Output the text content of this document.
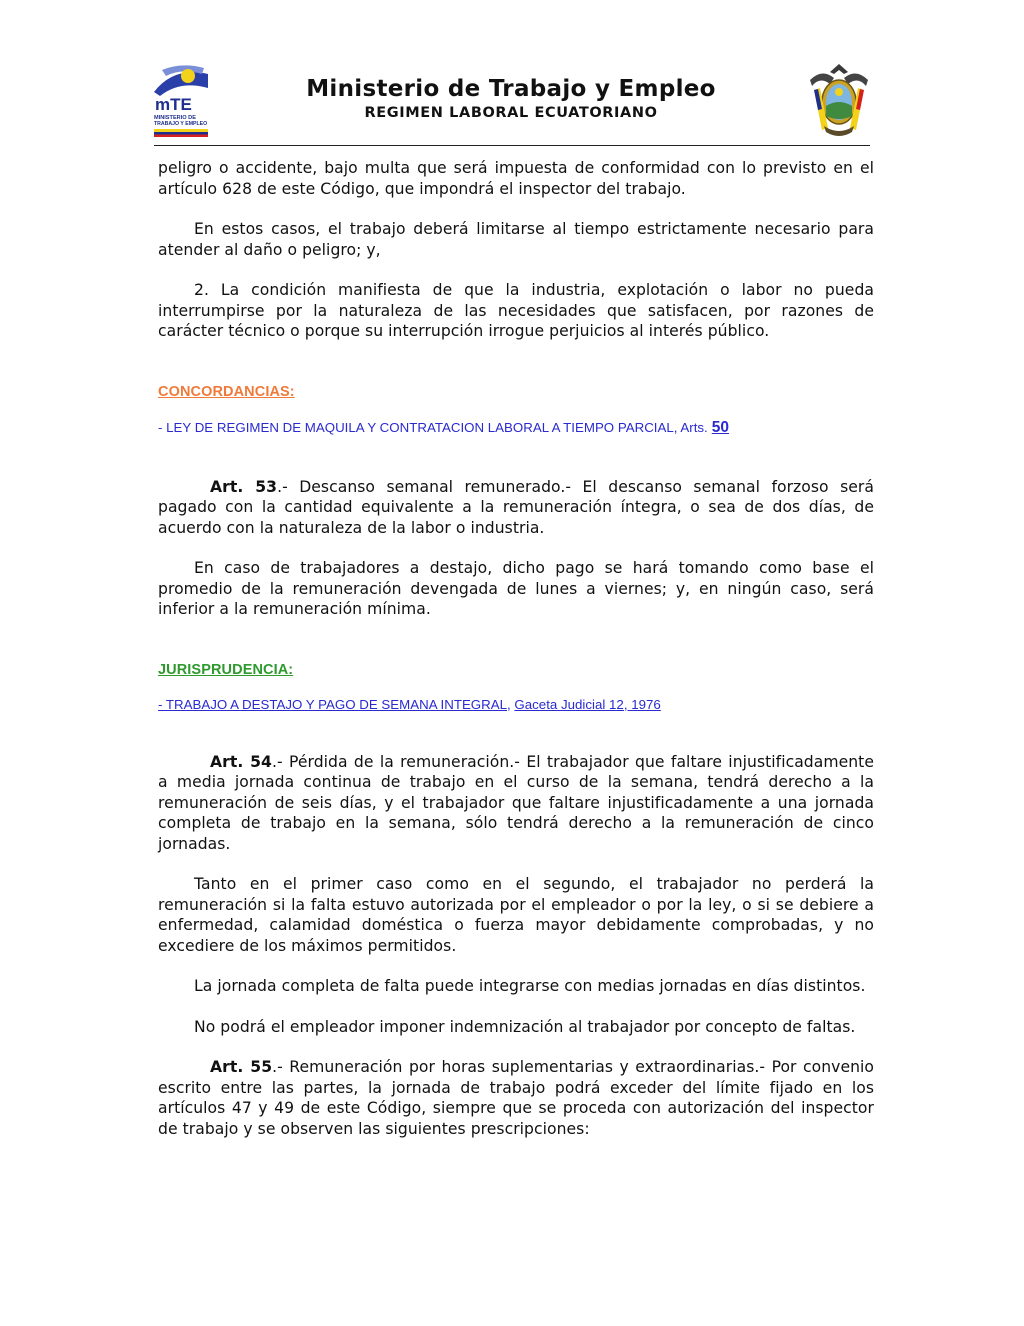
mTE
MINISTERIO DE
TRABAJO Y EMPLEO
Ministerio de Trabajo y Empleo
REGIMEN LABORAL ECUATORIANO

peligro o accidente, bajo multa que será impuesta de conformidad con lo previsto en el artículo 628 de este Código, que impondrá el inspector del trabajo.

En estos casos, el trabajo deberá limitarse al tiempo estrictamente necesario para atender al daño o peligro; y,

2. La condición manifiesta de que la industria, explotación o labor no pueda interrumpirse por la naturaleza de las necesidades que satisfacen, por razones de carácter técnico o porque su interrupción irrogue perjuicios al interés público.

CONCORDANCIAS:

- LEY DE REGIMEN DE MAQUILA Y CONTRATACION LABORAL A TIEMPO PARCIAL, Arts. 50

Art. 53.- Descanso semanal remunerado.- El descanso semanal forzoso será pagado con la cantidad equivalente a la remuneración íntegra, o sea de dos días, de acuerdo con la naturaleza de la labor o industria.

En caso de trabajadores a destajo, dicho pago se hará tomando como base el promedio de la remuneración devengada de lunes a viernes; y, en ningún caso, será inferior a la remuneración mínima.

JURISPRUDENCIA:

- TRABAJO A DESTAJO Y PAGO DE SEMANA INTEGRAL, Gaceta Judicial 12, 1976

Art. 54.- Pérdida de la remuneración.- El trabajador que faltare injustificadamente a media jornada continua de trabajo en el curso de la semana, tendrá derecho a la remuneración de seis días, y el trabajador que faltare injustificadamente a una jornada completa de trabajo en la semana, sólo tendrá derecho a la remuneración de cinco jornadas.

Tanto en el primer caso como en el segundo, el trabajador no perderá la remuneración si la falta estuvo autorizada por el empleador o por la ley, o si se debiere a enfermedad, calamidad doméstica o fuerza mayor debidamente comprobadas, y no excediere de los máximos permitidos.

La jornada completa de falta puede integrarse con medias jornadas en días distintos.

No podrá el empleador imponer indemnización al trabajador por concepto de faltas.

Art. 55.- Remuneración por horas suplementarias y extraordinarias.- Por convenio escrito entre las partes, la jornada de trabajo podrá exceder del límite fijado en los artículos 47 y 49 de este Código, siempre que se proceda con autorización del inspector de trabajo y se observen las siguientes prescripciones:
